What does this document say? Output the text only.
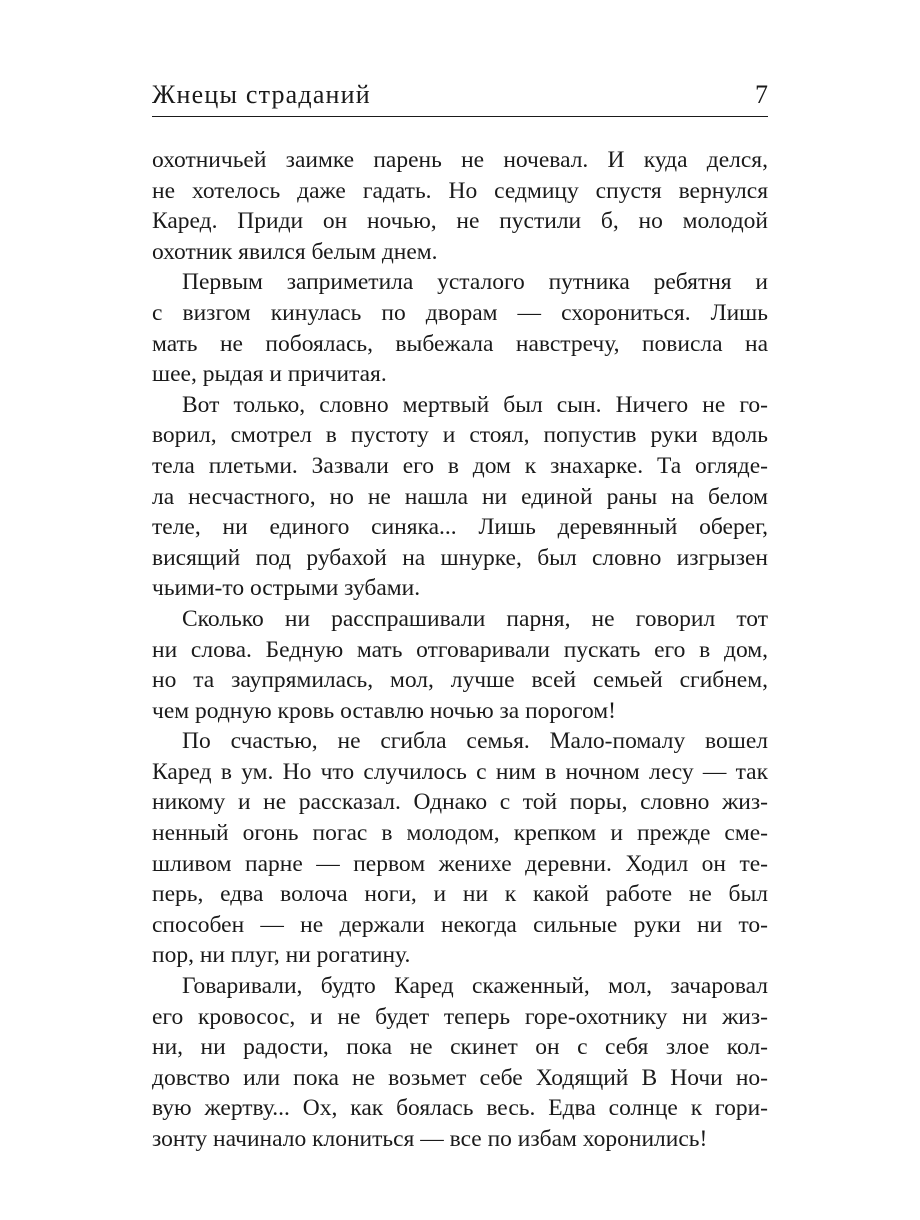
Жнецы страданий	7
охотничьей заимке парень не ночевал. И куда делся,
не хотелось даже гадать. Но седмицу спустя вернулся
Каред. Приди он ночью, не пустили б, но молодой
охотник явился белым днем.
Первым заприметила усталого путника ребятня и
с визгом кинулась по дворам — схорониться. Лишь
мать не побоялась, выбежала навстречу, повисла на
шее, рыдая и причитая.
Вот только, словно мертвый был сын. Ничего не го-
ворил, смотрел в пустоту и стоял, попустив руки вдоль
тела плетьми. Зазвали его в дом к знахарке. Та огляде-
ла несчастного, но не нашла ни единой раны на белом
теле, ни единого синяка... Лишь деревянный оберег,
висящий под рубахой на шнурке, был словно изгрызен
чьими-то острыми зубами.
Сколько ни расспрашивали парня, не говорил тот
ни слова. Бедную мать отговаривали пускать его в дом,
но та заупрямилась, мол, лучше всей семьей сгибнем,
чем родную кровь оставлю ночью за порогом!
По счастью, не сгибла семья. Мало-помалу вошел
Каред в ум. Но что случилось с ним в ночном лесу — так
никому и не рассказал. Однако с той поры, словно жиз-
ненный огонь погас в молодом, крепком и прежде сме-
шливом парне — первом женихе деревни. Ходил он те-
перь, едва волоча ноги, и ни к какой работе не был
способен — не держали некогда сильные руки ни то-
пор, ни плуг, ни рогатину.
Говаривали, будто Каред скаженный, мол, зачаровал
его кровосос, и не будет теперь горе-охотнику ни жиз-
ни, ни радости, пока не скинет он с себя злое кол-
довство или пока не возьмет себе Ходящий В Ночи но-
вую жертву... Ох, как боялась весь. Едва солнце к гори-
зонту начинало клониться — все по избам хоронились!
